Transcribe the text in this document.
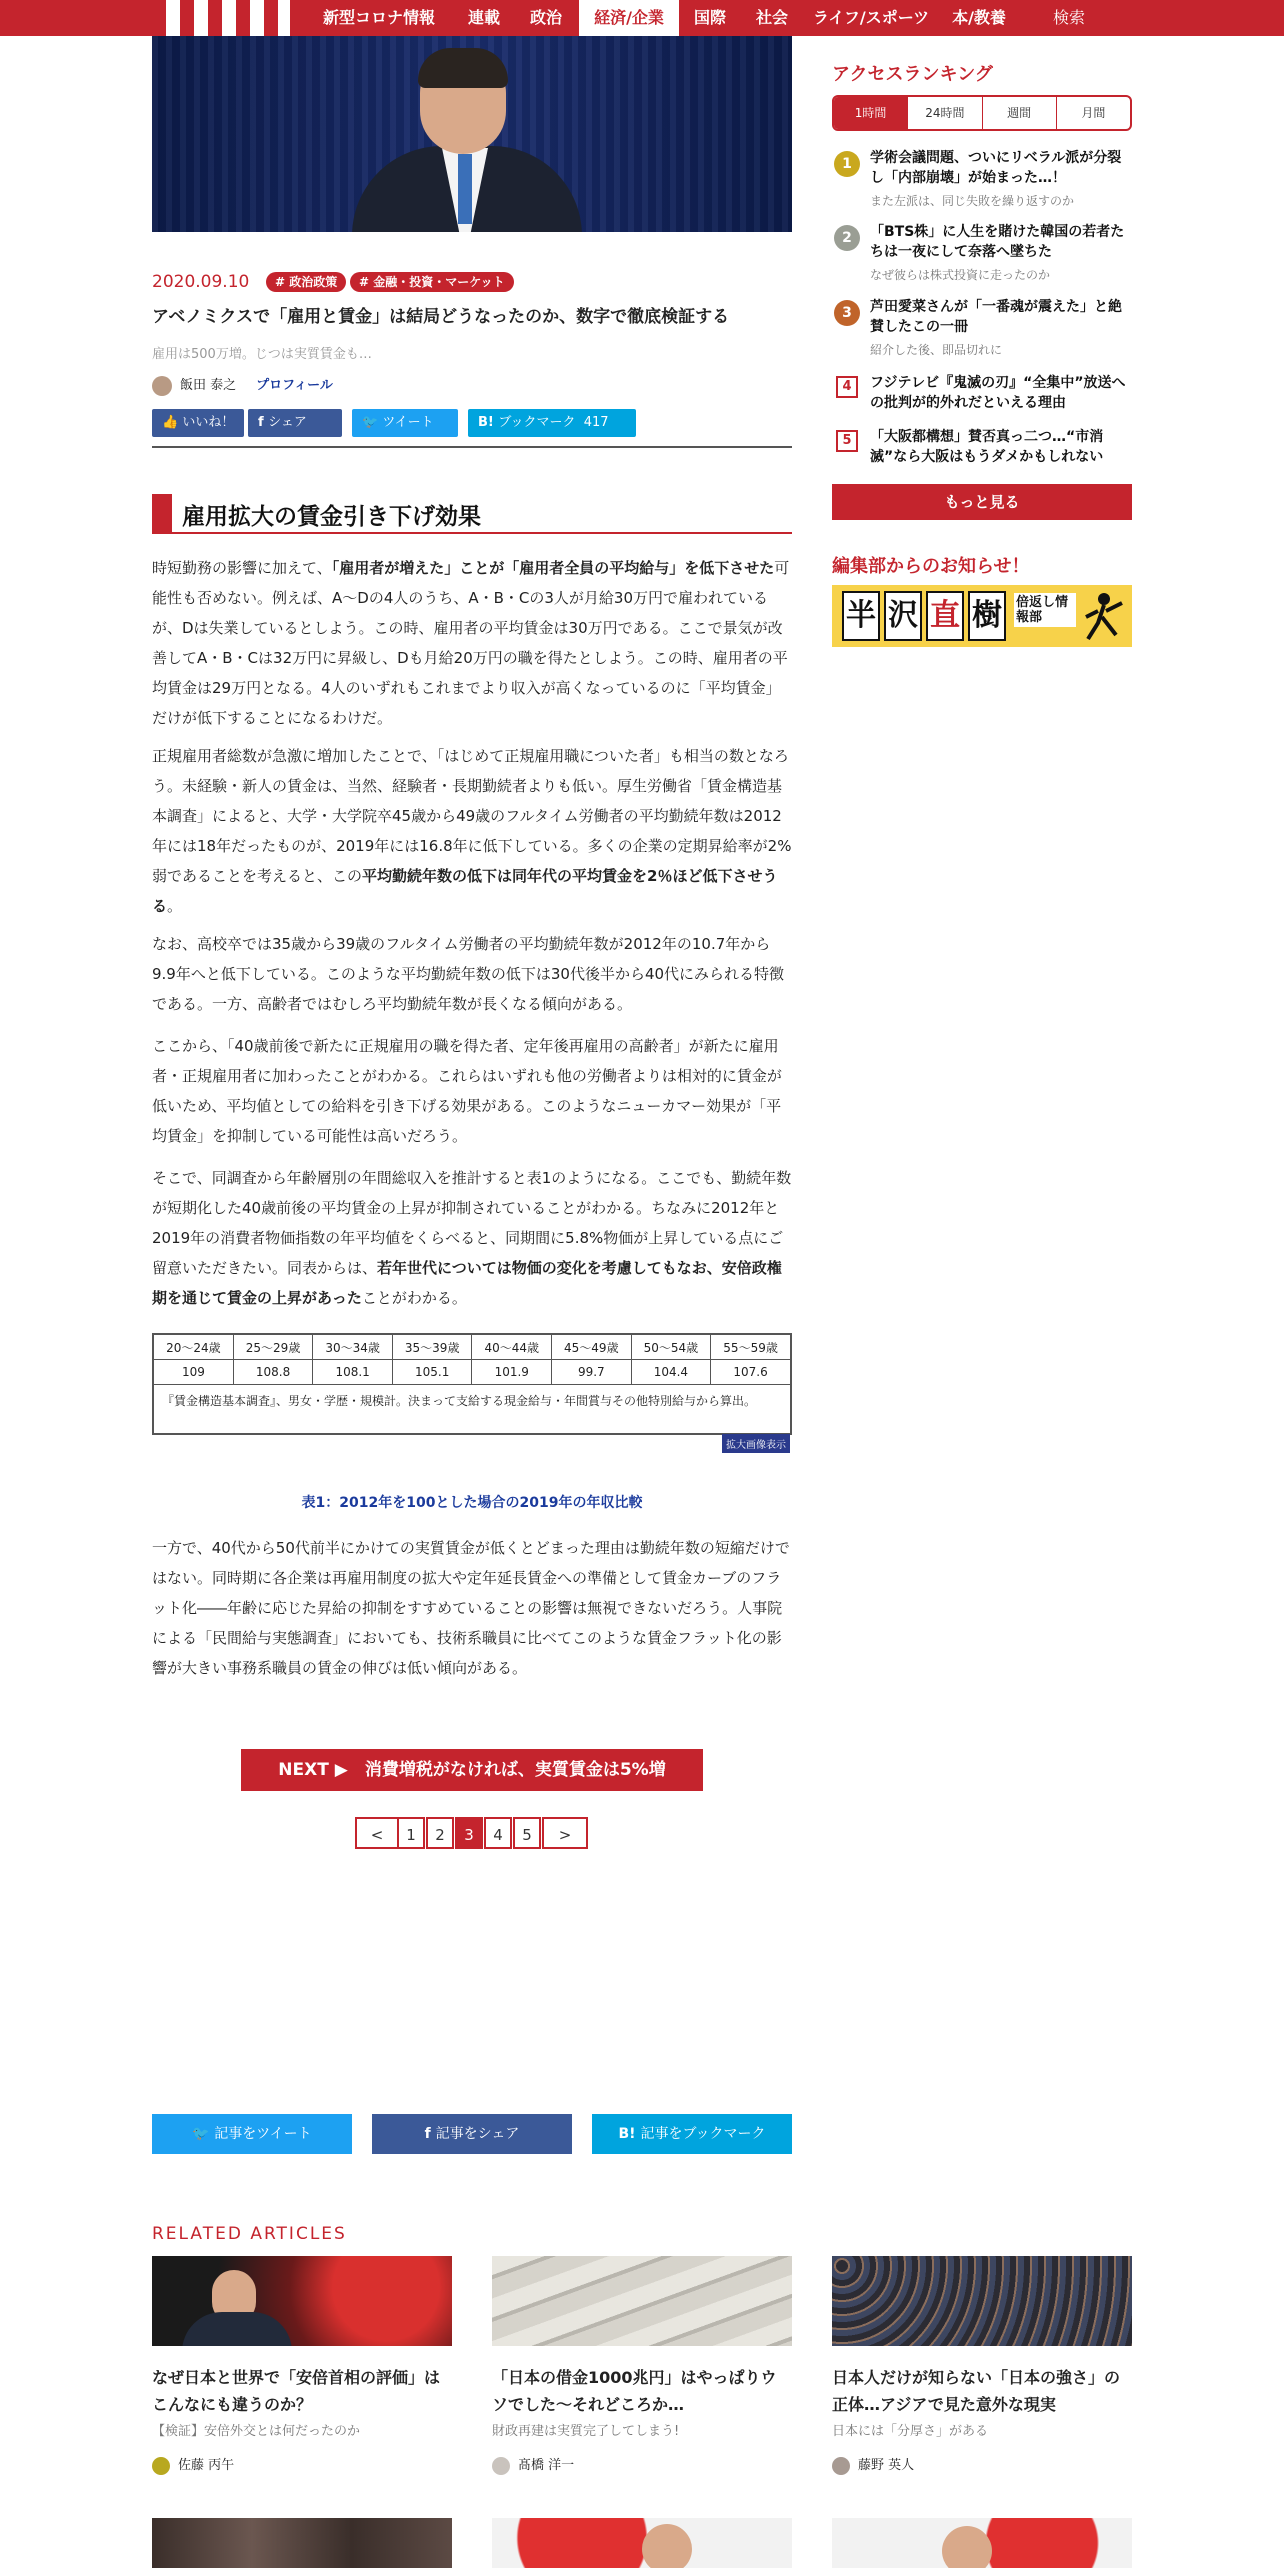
新型コロナ情報	連載	政治	経済/企業	国際	社会	ライフ/スポーツ	本/教養	検索
2020.09.10	# 政治政策	# 金融・投資・マーケット
アベノミクスで「雇用と賃金」は結局どうなったのか、数字で徹底検証する
雇用は500万増。じつは実質賃金も…
飯田 泰之 プロフィール
👍 いいね！	f シェア	🐦 ツイート	B! ブックマーク 417
雇用拡大の賃金引き下げ効果

時短勤務の影響に加えて、「雇用者が増えた」ことが「雇用者全員の平均給与」を低下させた可能性も否めない。例えば、A～Dの4人のうち、A・B・Cの3人が月給30万円で雇われているが、Dは失業しているとしよう。この時、雇用者の平均賃金は30万円である。ここで景気が改善してA・B・Cは32万円に昇級し、Dも月給20万円の職を得たとしよう。この時、雇用者の平均賃金は29万円となる。4人のいずれもこれまでより収入が高くなっているのに「平均賃金」だけが低下することになるわけだ。

正規雇用者総数が急激に増加したことで、「はじめて正規雇用職についた者」も相当の数となろう。未経験・新人の賃金は、当然、経験者・長期勤続者よりも低い。厚生労働省「賃金構造基本調査」によると、大学・大学院卒45歳から49歳のフルタイム労働者の平均勤続年数は2012年には18年だったものが、2019年には16.8年に低下している。多くの企業の定期昇給率が2%弱であることを考えると、この平均勤続年数の低下は同年代の平均賃金を2％ほど低下させうる。

なお、高校卒では35歳から39歳のフルタイム労働者の平均勤続年数が2012年の10.7年から9.9年へと低下している。このような平均勤続年数の低下は30代後半から40代にみられる特徴である。一方、高齢者ではむしろ平均勤続年数が長くなる傾向がある。

ここから、「40歳前後で新たに正規雇用の職を得た者、定年後再雇用の高齢者」が新たに雇用者・正規雇用者に加わったことがわかる。これらはいずれも他の労働者よりは相対的に賃金が低いため、平均値としての給料を引き下げる効果がある。このようなニューカマー効果が「平均賃金」を抑制している可能性は高いだろう。

そこで、同調査から年齢層別の年間総収入を推計すると表1のようになる。ここでも、勤続年数が短期化した40歳前後の平均賃金の上昇が抑制されていることがわかる。ちなみに2012年と2019年の消費者物価指数の年平均値をくらべると、同期間に5.8%物価が上昇している点にご留意いただきたい。同表からは、若年世代については物価の変化を考慮してもなお、安倍政権期を通じて賃金の上昇があったことがわかる。

20～24歳	25～29歳	30～34歳	35～39歳	40～44歳	45～49歳	50～54歳	55～59歳
109	108.8	108.1	105.1	101.9	99.7	104.4	107.6
『賃金構造基本調査』、男女・学歴・規模計。決まって支給する現金給与・年間賞与その他特別給与から算出。							
拡大画像表示
表1：2012年を100とした場合の2019年の年収比較

一方で、40代から50代前半にかけての実質賃金が低くとどまった理由は勤続年数の短縮だけではない。同時期に各企業は再雇用制度の拡大や定年延長賃金への準備として賃金カーブのフラット化――年齢に応じた昇給の抑制をすすめていることの影響は無視できないだろう。人事院による「民間給与実態調査」においても、技術系職員に比べてこのような賃金フラット化の影響が大きい事務系職員の賃金の伸びは低い傾向がある。

NEXT ▶　消費増税がなければ、実質賃金は5%増
<	1	2	3	4	5	>
🐦 記事をツイート	f 記事をシェア	B! 記事をブックマーク
RELATED ARTICLES
なぜ日本と世界で「安倍首相の評価」はこんなにも違うのか？
「日本の借金1000兆円」はやっぱりウソでした～それどころか…
日本人だけが知らない「日本の強さ」の正体…アジアで見た意外な現実
【検証】安倍外交とは何だったのか	財政再建は実質完了してしまう!	日本には「分厚さ」がある
佐藤 丙午	髙橋 洋一	藤野 英人
アクセスランキング
1時間	24時間	週間	月間
1	学術会議問題、ついにリベラル派が分裂し「内部崩壊」が始まった…！
また左派は、同じ失敗を繰り返すのか
2	「BTS株」に人生を賭けた韓国の若者たちは一夜にして奈落へ墜ちた
なぜ彼らは株式投資に走ったのか
3	芦田愛菜さんが「一番魂が震えた」と絶賛したこの一冊
紹介した後、即品切れに
4	フジテレビ『鬼滅の刃』“全集中”放送への批判が的外れだといえる理由
5	「大阪都構想」賛否真っ二つ…“市消滅”なら大阪はもうダメかもしれない
もっと見る
編集部からのお知らせ！
半 沢 直 樹	倍返し情報部
